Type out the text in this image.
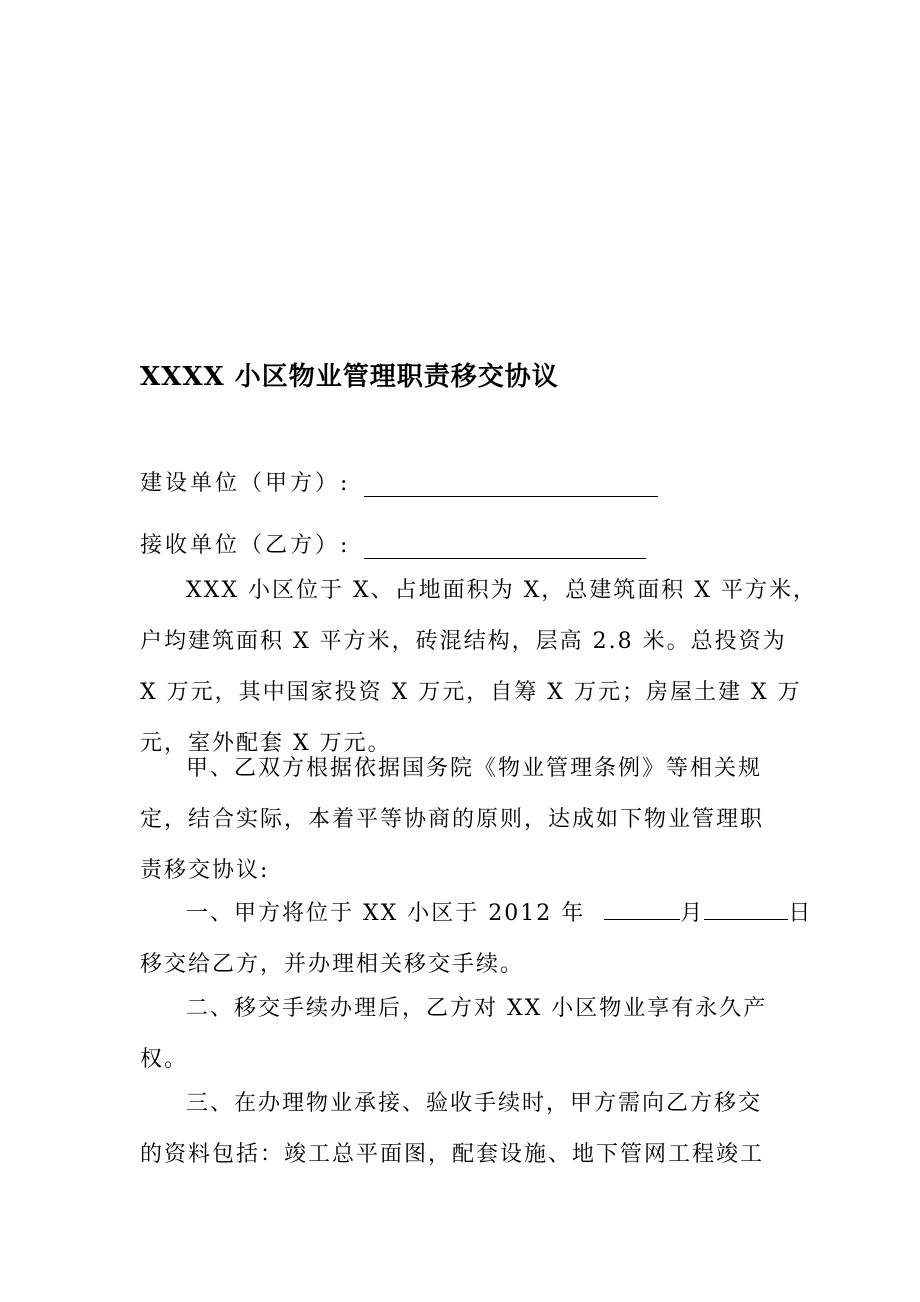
XXXX 小区物业管理职责移交协议
建设单位（甲方）:
接收单位（乙方）:
XXX 小区位于 X、占地面积为 X，总建筑面积 X 平方米，
户均建筑面积 X 平方米，砖混结构，层高 2.8 米。总投资为
X 万元，其中国家投资 X 万元，自筹 X 万元；房屋土建 X 万
元，室外配套 X 万元。
甲、乙双方根据依据国务院《物业管理条例》等相关规
定，结合实际，本着平等协商的原则，达成如下物业管理职
责移交协议:
一、甲方将位于 XX 小区于 2012 年	月	日
移交给乙方，并办理相关移交手续。
二、移交手续办理后，乙方对 XX 小区物业享有永久产
权。
三、在办理物业承接、验收手续时，甲方需向乙方移交
的资料包括：竣工总平面图，配套设施、地下管网工程竣工
